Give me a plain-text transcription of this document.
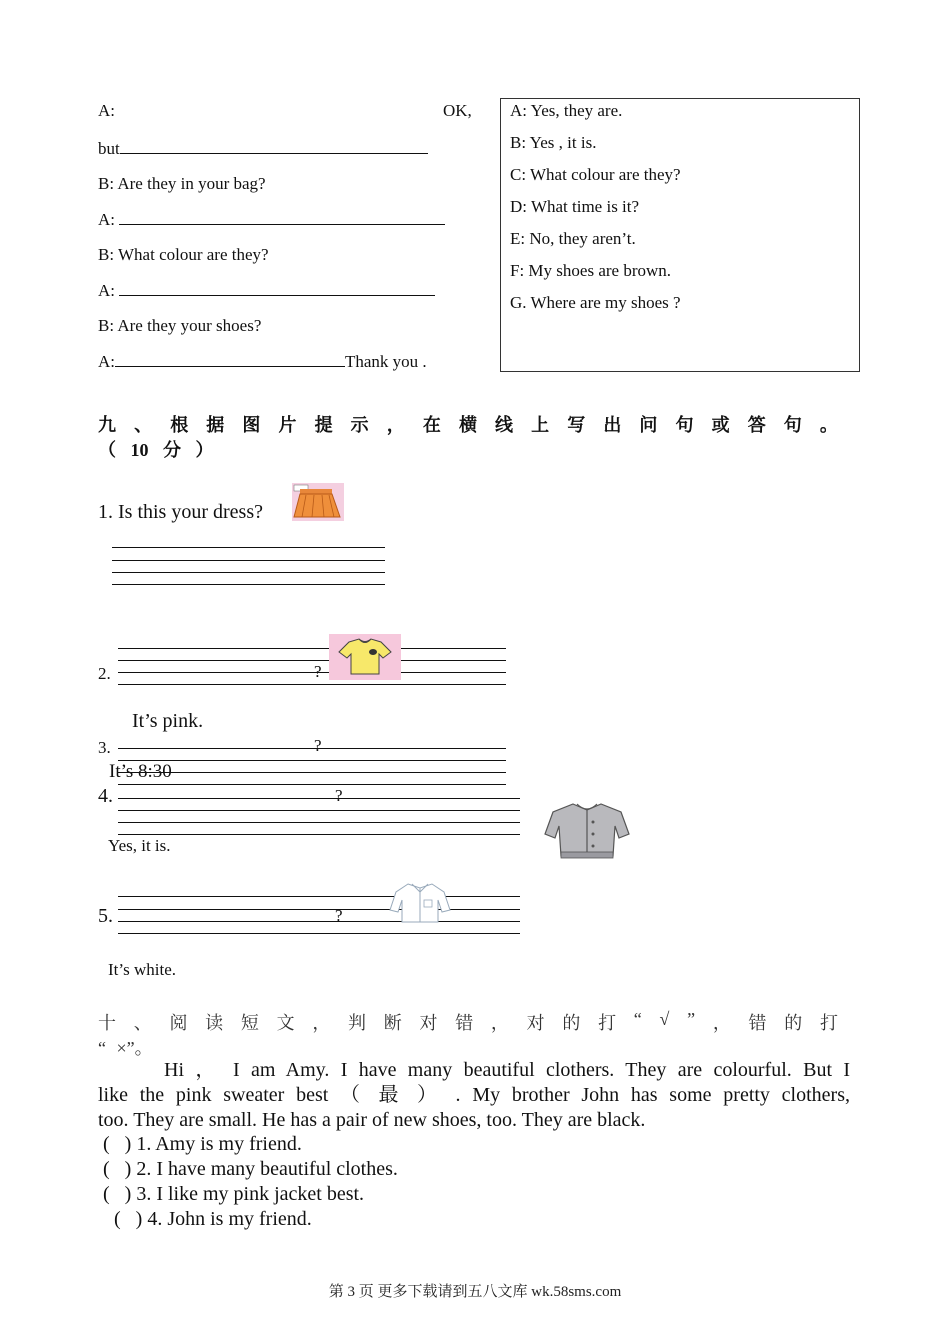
A:	OK,
but
B: Are they in your bag?
A:
B: What colour are they?
A:
B: Are they your shoes?
A:	Thank you .
A: Yes, they are.
B: Yes , it is.
C: What colour are they?
D: What time is it?
E: No, they aren’t.
F: My shoes are brown.
G. Where are my shoes ?
九 、 根 据 图 片 提 示 ， 在 横 线 上 写 出 问 句 或 答 句 。
（ 10 分 ）
1. Is this your dress?
2.	?
It’s pink.
3.	?
It’s 8:30
4.	?
Yes, it is.
5.	?
It’s white.
十 、 阅 读 短 文 ， 判 断 对 错 ， 对 的 打 “ √ ” ， 错 的 打
“ ×”。
Hi ， I am Amy. I have many beautiful clothers. They are colourful. But I
like the pink sweater best （ 最 ） . My brother John has some pretty clothers,
too. They are small. He has a pair of new shoes, too. They are black.
(   ) 1. Amy is my friend.
(   ) 2. I have many beautiful clothes.
(   ) 3. I like my pink jacket best.
(   ) 4. John is my friend.
第 3 页 更多下载请到五八文库 wk.58sms.com
